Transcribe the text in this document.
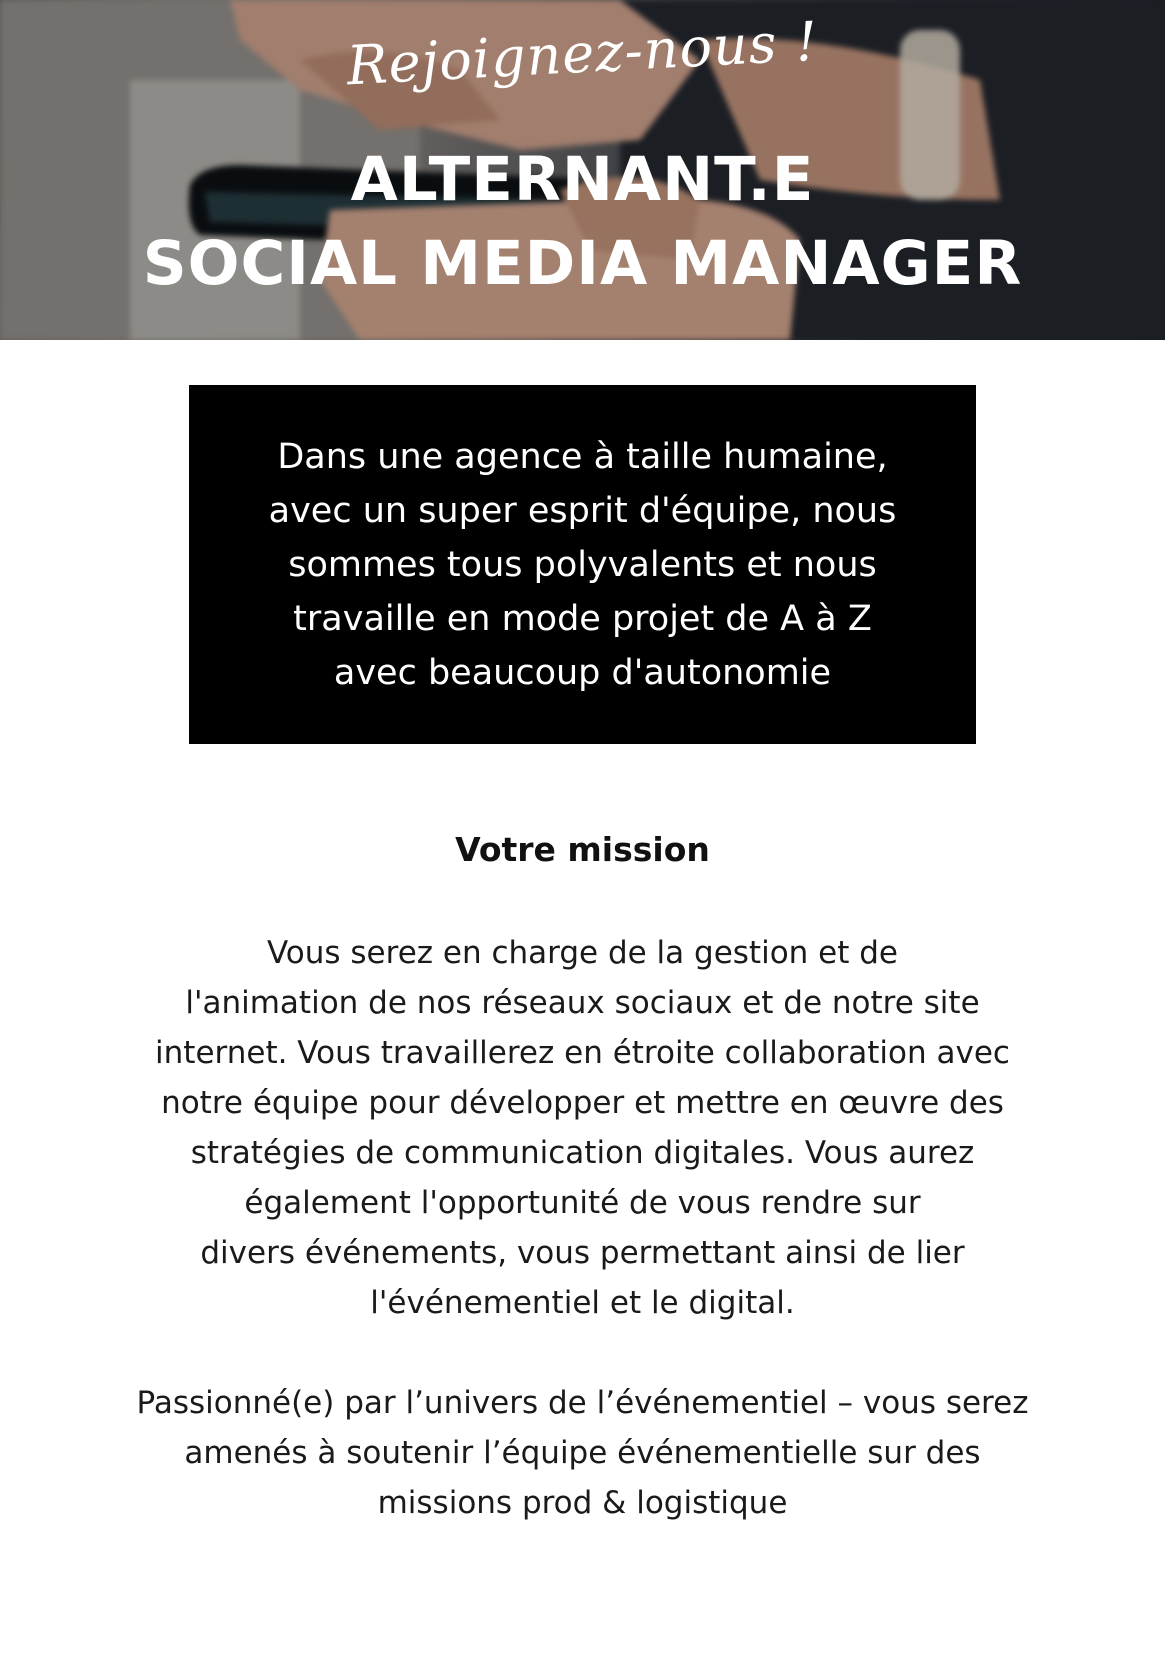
Rejoignez-nous !
ALTERNANT.E
SOCIAL MEDIA MANAGER
Dans une agence à taille humaine,
avec un super esprit d'équipe, nous
sommes tous polyvalents et nous
travaille en mode projet de A à Z
avec beaucoup d'autonomie
Votre mission
Vous serez en charge de la gestion et de
l'animation de nos réseaux sociaux et de notre site
internet. Vous travaillerez en étroite collaboration avec
notre équipe pour développer et mettre en œuvre des
stratégies de communication digitales. Vous aurez
également l'opportunité de vous rendre sur
divers événements, vous permettant ainsi de lier
l'événementiel et le digital.
Passionné(e) par l’univers de l’événementiel – vous serez
amenés à soutenir l’équipe événementielle sur des
missions prod & logistique
